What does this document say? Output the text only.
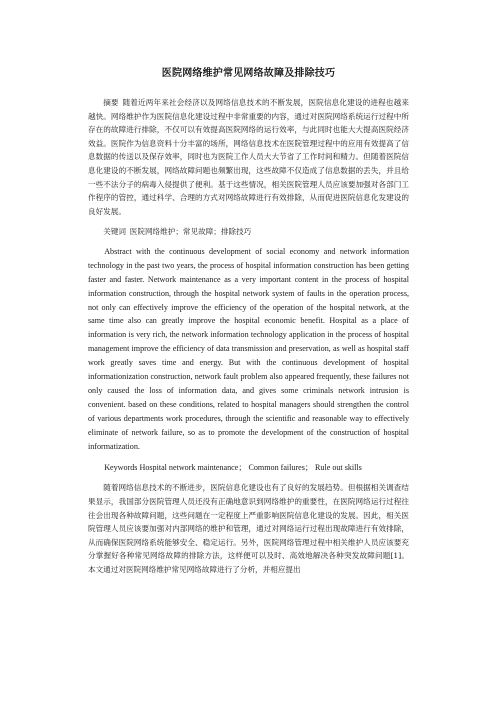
医院网络维护常见网络故障及排除技巧

摘要 随着近两年来社会经济以及网络信息技术的不断发展，医院信息化建设的进程也越来越快。网络维护作为医院信息化建设过程中非常重要的内容，通过对医院网络系统运行过程中所存在的故障进行排除，不仅可以有效提高医院网络的运行效率，与此同时也能大大提高医院经济效益。医院作为信息资料十分丰富的场所，网络信息技术在医院管理过程中的应用有效提高了信息数据的传送以及保存效率，同时也为医院工作人员大大节省了工作时间和精力。但随着医院信息化建设的不断发展，网络故障问题也频繁出现，这些故障不仅造成了信息数据的丢失，并且给一些不法分子的病毒入侵提供了便利。基于这些情况，相关医院管理人员应该要加强对各部门工作程序的管控，通过科学、合理的方式对网络故障进行有效排除，从而促进医院信息化发建设的良好发展。

关键词 医院网络维护；常见故障；排除技巧

Abstract with the continuous development of social economy and network information technology in the past two years, the process of hospital information construction has been getting faster and faster. Network maintenance as a very important content in the process of hospital information construction, through the hospital network system of faults in the operation process, not only can effectively improve the efficiency of the operation of the hospital network, at the same time also can greatly improve the hospital economic benefit. Hospital as a place of information is very rich, the network information technology application in the process of hospital management improve the efficiency of data transmission and preservation, as well as hospital staff work greatly saves time and energy. But with the continuous development of hospital informationization construction, network fault problem also appeared frequently, these failures not only caused the loss of information data, and gives some criminals network intrusion is convenient. based on these conditions, related to hospital managers should strengthen the control of various departments work procedures, through the scientific and reasonable way to effectively eliminate of network failure, so as to promote the development of the construction of hospital informatization.

Keywords Hospital network maintenance； Common failures； Rule out skills

随着网络信息技术的不断进步，医院信息化建设也有了良好的发展趋势。但根据相关调查结果显示，我国部分医院管理人员还没有正确地意识到网络维护的重要性，在医院网络运行过程往往会出现各种故障问题，这些问题在一定程度上严重影响医院信息化建设的发展。因此，相关医院管理人员应该要加强对内部网络的维护和管理，通过对网络运行过程出现故障进行有效排除，从而确保医院网络系统能够安全、稳定运行。另外，医院网络管理过程中相关维护人员应该要充分掌握好各种常见网络故障的排除方法，这样便可以及时、高效地解决各种突发故障问题[1]。本文通过对医院网络维护常见网络故障进行了分析，并相应提出
